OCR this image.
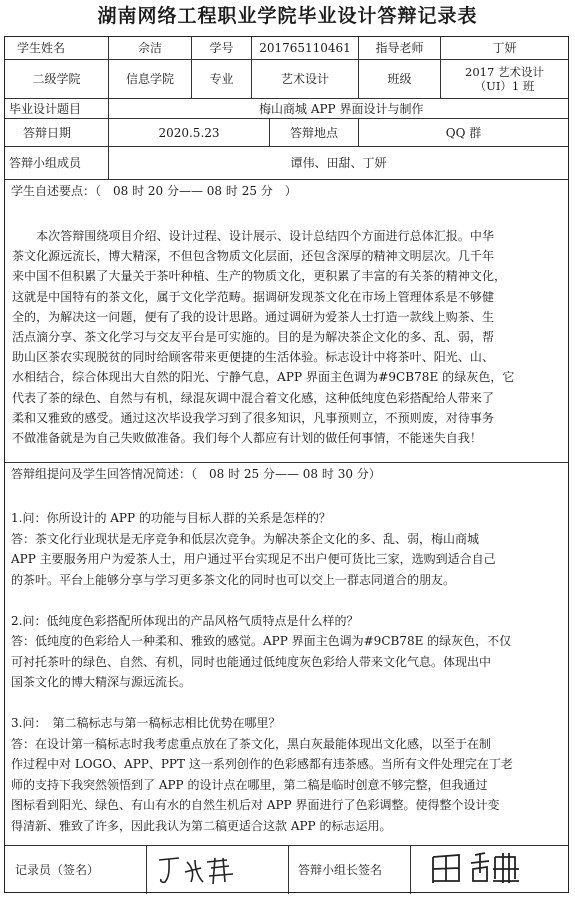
湖南网络工程职业学院毕业设计答辩记录表
学生姓名	佘洁	学号	201765110461	指导老师	丁妍
二级学院	信息学院	专业	艺术设计	班级	2017 艺术设计
（UI）1 班
毕业设计题目	梅山商城 APP 界面设计与制作
答辩日期	2020.5.23	答辩地点	QQ 群
答辩小组成员	谭伟、田甜、丁妍
学生自述要点：（　08 时 20 分—— 08 时 25 分　）
　　本次答辩围绕项目介绍、设计过程、设计展示、设计总结四个方面进行总体汇报。中华
茶文化源远流长，博大精深，不但包含物质文化层面，还包含深厚的精神文明层次。几千年
来中国不但积累了大量关于茶叶种植、生产的物质文化，更积累了丰富的有关茶的精神文化，
这就是中国特有的茶文化，属于文化学范畴。据调研发现茶文化在市场上管理体系是不够健
全的，为解决这一问题，便有了我的设计思路。通过调研为爱茶人士打造一款线上购茶、生
活点滴分享、茶文化学习与交友平台是可实施的。目的是为解决茶企文化的多、乱、弱，帮
助山区茶农实现脱贫的同时给顾客带来更便捷的生活体验。标志设计中将茶叶、阳光、山、
水相结合，综合体现出大自然的阳光、宁静气息，APP 界面主色调为#9CB78E 的绿灰色，它
代表了茶的绿色、自然与有机，绿混灰调中混合着文化感，这种低纯度色彩搭配给人带来了
柔和又雅致的感受。通过这次毕设我学习到了很多知识，凡事预则立，不预则废，对待事务
不做准备就是为自己失败做准备。我们每个人都应有计划的做任何事情，不能迷失自我！
答辩组提问及学生回答情况简述：（　08 时 25 分—— 08 时 30 分）
1.问：你所设计的 APP 的功能与目标人群的关系是怎样的？
答：茶文化行业现状是无序竞争和低层次竞争。为解决茶企文化的多、乱、弱，梅山商城
APP 主要服务用户为爱茶人士，用户通过平台实现足不出户便可货比三家，选购到适合自己
的茶叶。平台上能够分享与学习更多茶文化的同时也可以交上一群志同道合的朋友。

2.问：低纯度色彩搭配所体现出的产品风格气质特点是什么样的？
答：低纯度的色彩给人一种柔和、雅致的感觉。APP 界面主色调为#9CB78E 的绿灰色，不仅
可衬托茶叶的绿色、自然、有机，同时也能通过低纯度灰色彩给人带来文化气息。体现出中
国茶文化的博大精深与源远流长。

3.问：　第二稿标志与第一稿标志相比优势在哪里？
答：在设计第一稿标志时我考虑重点放在了茶文化，黑白灰最能体现出文化感，以至于在制
作过程中对 LOGO、APP、PPT 这一系列创作的色彩感都有违茶感。当所有文件处理完在丁老
师的支持下我突然领悟到了 APP 的设计点在哪里，第二稿是临时创意不够完整，但我通过
图标看到阳光、绿色、有山有水的自然生机后对 APP 界面进行了色彩调整。使得整个设计变
得清新、雅致了许多，因此我认为第二稿更适合这款 APP 的标志运用。
记录员（签名）	答辩小组长签名
